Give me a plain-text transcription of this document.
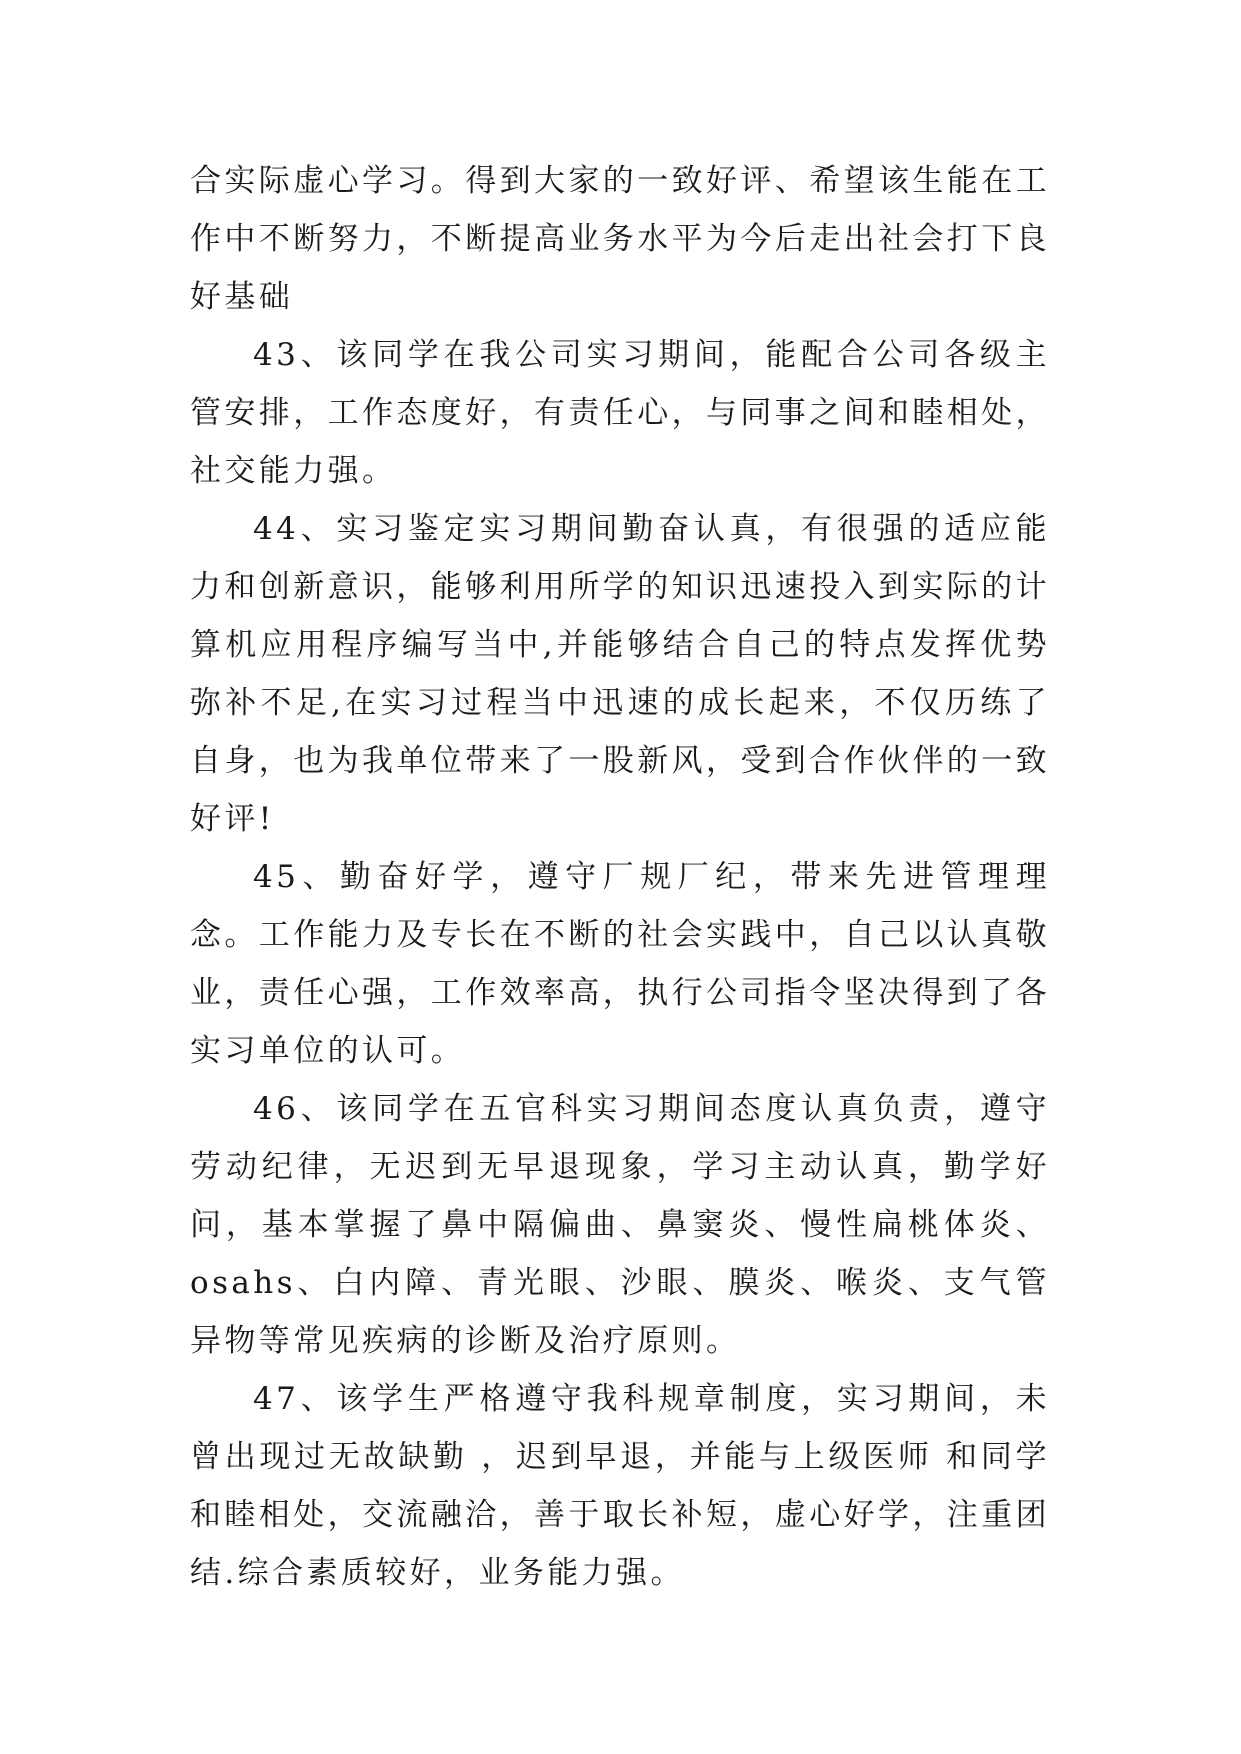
合实际虚心学习。得到大家的一致好评、希望该生能在工作中不断努力，不断提高业务水平为今后走出社会打下良好基础

43、该同学在我公司实习期间，能配合公司各级主管安排，工作态度好，有责任心，与同事之间和睦相处，社交能力强。

44、实习鉴定实习期间勤奋认真，有很强的适应能力和创新意识，能够利用所学的知识迅速投入到实际的计算机应用程序编写当中,并能够结合自己的特点发挥优势弥补不足,在实习过程当中迅速的成长起来，不仅历练了自身，也为我单位带来了一股新风，受到合作伙伴的一致好评!

45、勤奋好学，遵守厂规厂纪，带来先进管理理念。工作能力及专长在不断的社会实践中，自己以认真敬业，责任心强，工作效率高，执行公司指令坚决得到了各实习单位的认可。

46、该同学在五官科实习期间态度认真负责，遵守劳动纪律，无迟到无早退现象，学习主动认真，勤学好问，基本掌握了鼻中隔偏曲、鼻窦炎、慢性扁桃体炎、osahs、白内障、青光眼、沙眼、膜炎、喉炎、支气管异物等常见疾病的诊断及治疗原则。

47、该学生严格遵守我科规章制度，实习期间，未曾出现过无故缺勤 ，迟到早退，并能与上级医师 和同学和睦相处，交流融洽，善于取长补短，虚心好学，注重团结.综合素质较好，业务能力强。
